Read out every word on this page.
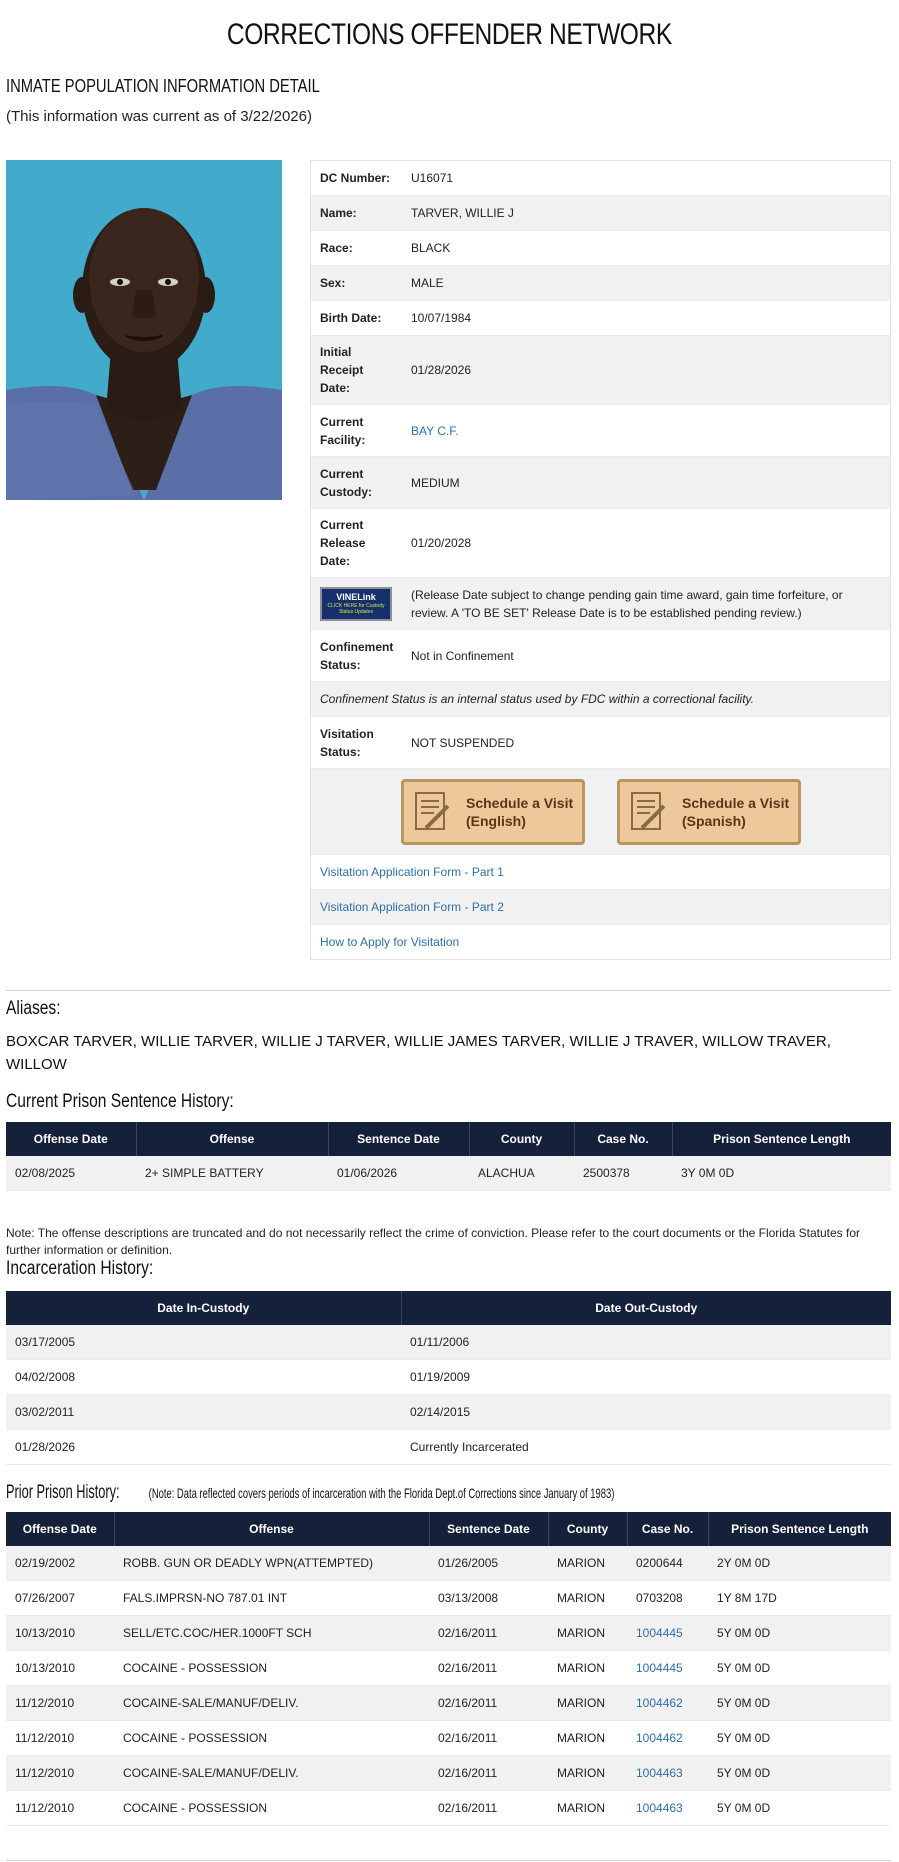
CORRECTIONS OFFENDER NETWORK
INMATE POPULATION INFORMATION DETAIL
(This information was current as of 3/22/2026)
DC Number:	U16071
Name:	TARVER, WILLIE J
Race:	BLACK
Sex:	MALE
Birth Date:	10/07/1984
Initial Receipt Date:
01/28/2026
Current Facility:
BAY C.F.
Current Custody:
MEDIUM
Current Release Date:
01/20/2028
VINELink
CLICK HERE for Custody Status Updates
(Release Date subject to change pending gain time award, gain time forfeiture, or review. A 'TO BE SET' Release Date is to be established pending review.)
Confinement Status:
Not in Confinement
Confinement Status is an internal status used by FDC within a correctional facility.
Visitation Status:
NOT SUSPENDED
Schedule a Visit
(English)
Schedule a Visit
(Spanish)
Visitation Application Form - Part 1
Visitation Application Form - Part 2
How to Apply for Visitation
Aliases:
BOXCAR TARVER, WILLIE TARVER, WILLIE J TARVER, WILLIE JAMES TARVER, WILLIE J TRAVER, WILLOW TRAVER, WILLOW
Current Prison Sentence History:
Offense Date	Offense	Sentence Date	County	Case No.	Prison Sentence Length
02/08/2025	2+ SIMPLE BATTERY	01/06/2026	ALACHUA	2500378	3Y 0M 0D
Note: The offense descriptions are truncated and do not necessarily reflect the crime of conviction. Please refer to the court documents or the Florida Statutes for further information or definition.
Incarceration History:
Date In-Custody	Date Out-Custody
03/17/2005	01/11/2006
04/02/2008	01/19/2009
03/02/2011	02/14/2015
01/28/2026	Currently Incarcerated
Prior Prison History: (Note: Data reflected covers periods of incarceration with the Florida Dept.of Corrections since January of 1983)
Offense Date	Offense	Sentence Date	County	Case No.	Prison Sentence Length
02/19/2002	ROBB. GUN OR DEADLY WPN(ATTEMPTED)	01/26/2005	MARION	0200644	2Y 0M 0D
07/26/2007	FALS.IMPRSN-NO 787.01 INT	03/13/2008	MARION	0703208	1Y 8M 17D
10/13/2010	SELL/ETC.COC/HER.1000FT SCH	02/16/2011	MARION	1004445	5Y 0M 0D
10/13/2010	COCAINE - POSSESSION	02/16/2011	MARION	1004445	5Y 0M 0D
11/12/2010	COCAINE-SALE/MANUF/DELIV.	02/16/2011	MARION	1004462	5Y 0M 0D
11/12/2010	COCAINE - POSSESSION	02/16/2011	MARION	1004462	5Y 0M 0D
11/12/2010	COCAINE-SALE/MANUF/DELIV.	02/16/2011	MARION	1004463	5Y 0M 0D
11/12/2010	COCAINE - POSSESSION	02/16/2011	MARION	1004463	5Y 0M 0D
